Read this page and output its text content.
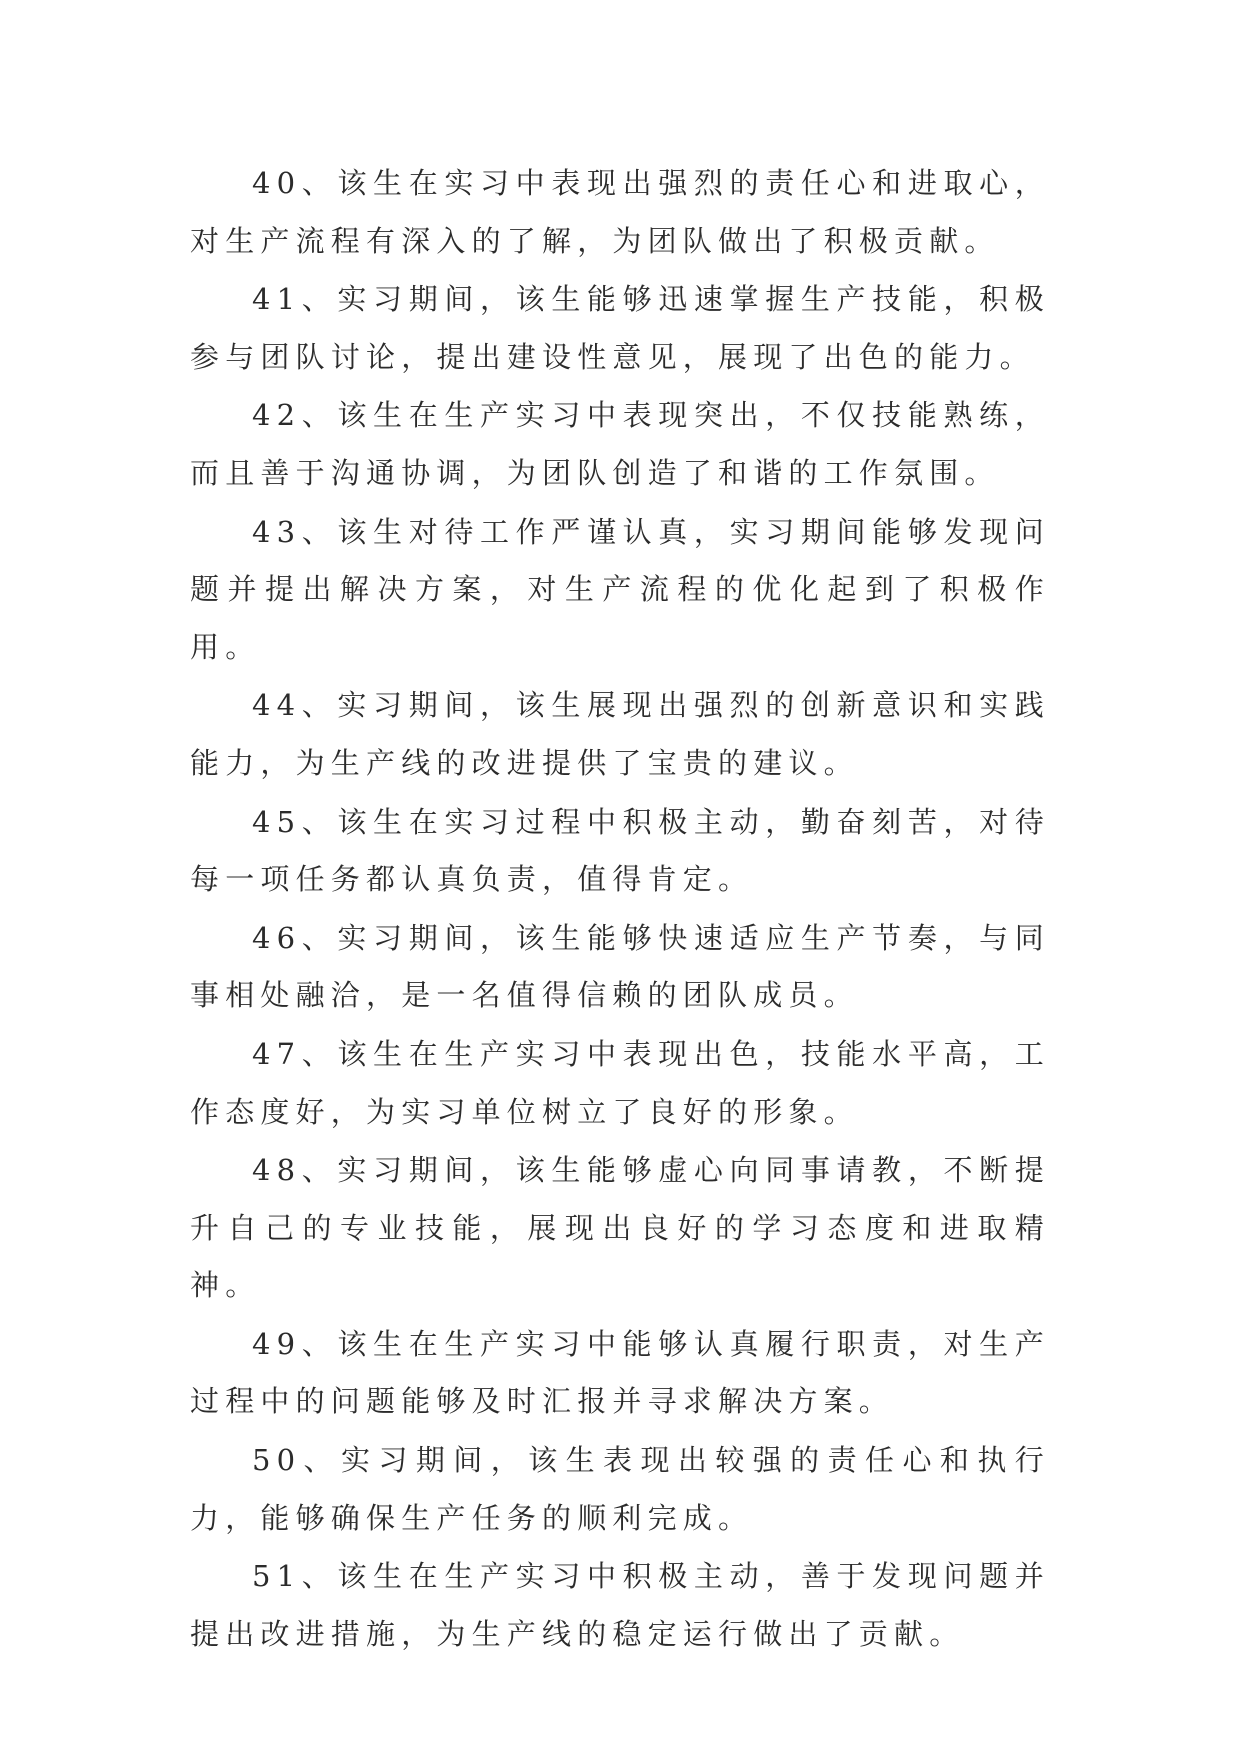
40、该生在实习中表现出强烈的责任心和进取心，对生产流程有深入的了解，为团队做出了积极贡献。

41、实习期间，该生能够迅速掌握生产技能，积极参与团队讨论，提出建设性意见，展现了出色的能力。

42、该生在生产实习中表现突出，不仅技能熟练，而且善于沟通协调，为团队创造了和谐的工作氛围。

43、该生对待工作严谨认真，实习期间能够发现问题并提出解决方案，对生产流程的优化起到了积极作用。

44、实习期间，该生展现出强烈的创新意识和实践能力，为生产线的改进提供了宝贵的建议。

45、该生在实习过程中积极主动，勤奋刻苦，对待每一项任务都认真负责，值得肯定。

46、实习期间，该生能够快速适应生产节奏，与同事相处融洽，是一名值得信赖的团队成员。

47、该生在生产实习中表现出色，技能水平高，工作态度好，为实习单位树立了良好的形象。

48、实习期间，该生能够虚心向同事请教，不断提升自己的专业技能，展现出良好的学习态度和进取精神。

49、该生在生产实习中能够认真履行职责，对生产过程中的问题能够及时汇报并寻求解决方案。

50、实习期间，该生表现出较强的责任心和执行力，能够确保生产任务的顺利完成。

51、该生在生产实习中积极主动，善于发现问题并提出改进措施，为生产线的稳定运行做出了贡献。
